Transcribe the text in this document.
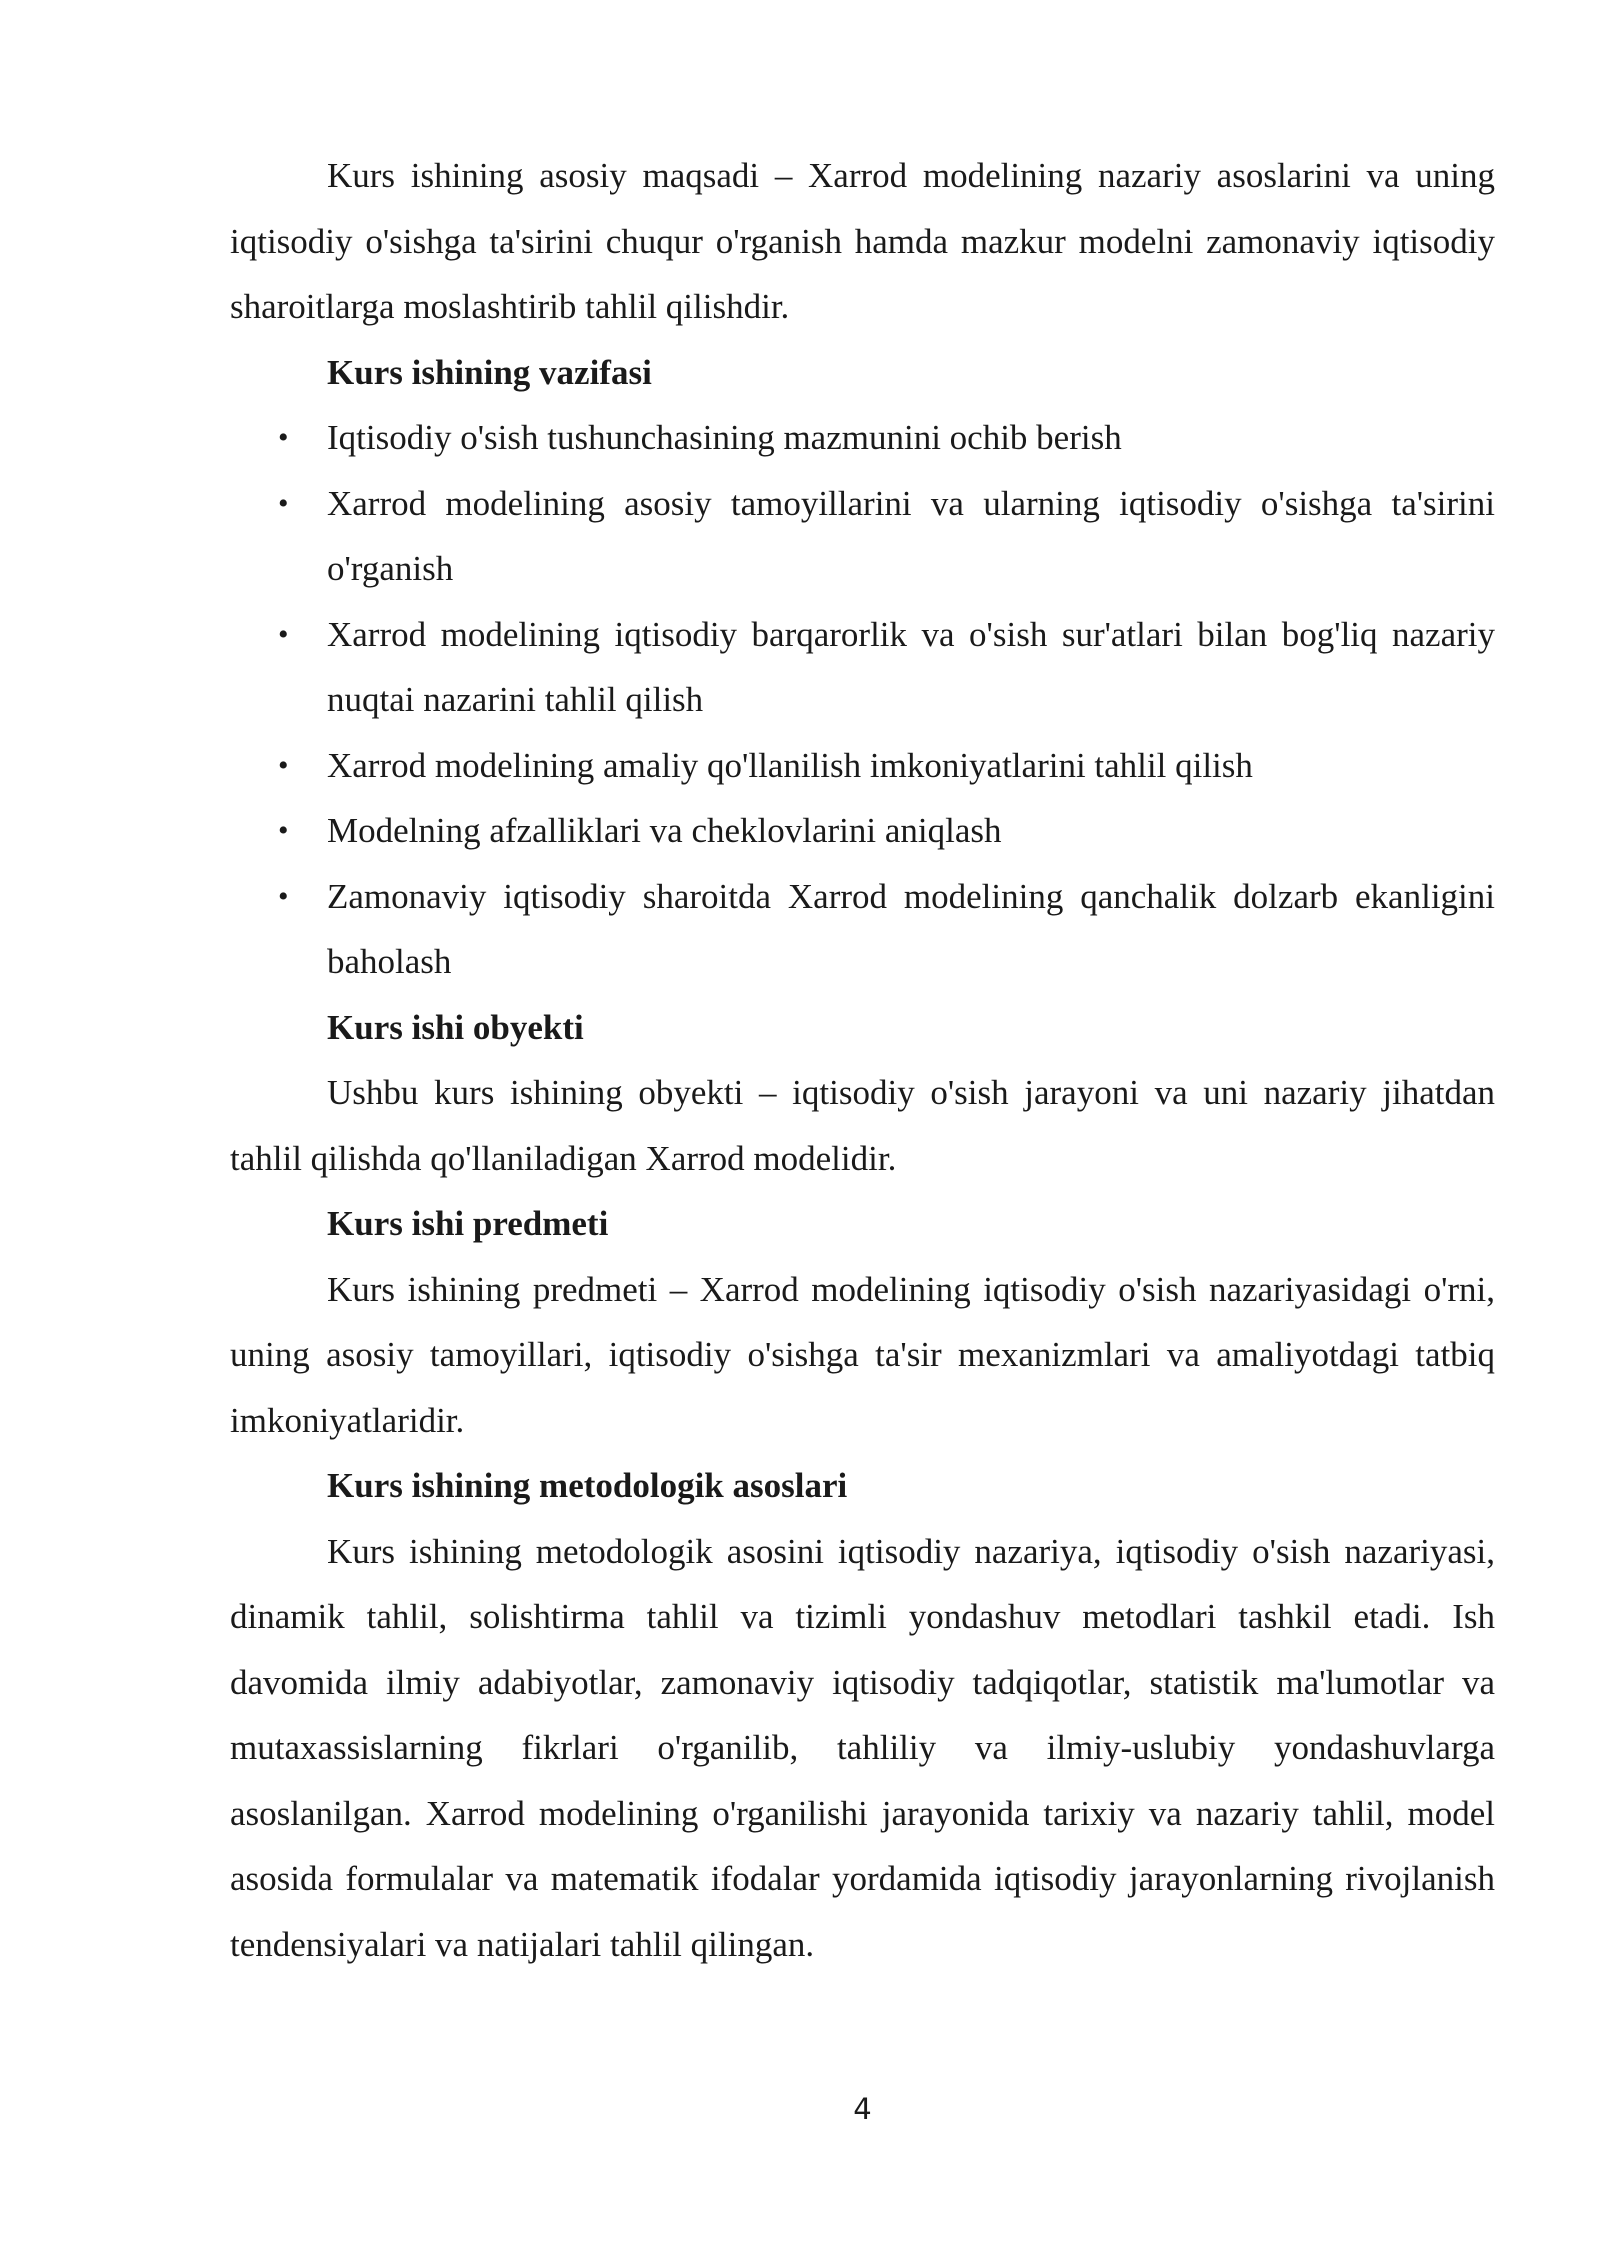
Kurs ishining asosiy maqsadi – Xarrod modelining nazariy asoslarini va uning iqtisodiy o'sishga ta'sirini chuqur o'rganish hamda mazkur modelni zamonaviy iqtisodiy sharoitlarga moslashtirib tahlil qilishdir.

Kurs ishining vazifasi

• Iqtisodiy o'sish tushunchasining mazmunini ochib berish
• Xarrod modelining asosiy tamoyillarini va ularning iqtisodiy o'sishga ta'sirini o'rganish
• Xarrod modelining iqtisodiy barqarorlik va o'sish sur'atlari bilan bog'liq nazariy nuqtai nazarini tahlil qilish
• Xarrod modelining amaliy qo'llanilish imkoniyatlarini tahlil qilish
• Modelning afzalliklari va cheklovlarini aniqlash
• Zamonaviy iqtisodiy sharoitda Xarrod modelining qanchalik dolzarb ekanligini baholash

Kurs ishi obyekti

Ushbu kurs ishining obyekti – iqtisodiy o'sish jarayoni va uni nazariy jihatdan tahlil qilishda qo'llaniladigan Xarrod modelidir.

Kurs ishi predmeti

Kurs ishining predmeti – Xarrod modelining iqtisodiy o'sish nazariyasidagi o'rni, uning asosiy tamoyillari, iqtisodiy o'sishga ta'sir mexanizmlari va amaliyotdagi tatbiq imkoniyatlaridir.

Kurs ishining metodologik asoslari

Kurs ishining metodologik asosini iqtisodiy nazariya, iqtisodiy o'sish nazariyasi, dinamik tahlil, solishtirma tahlil va tizimli yondashuv metodlari tashkil etadi. Ish davomida ilmiy adabiyotlar, zamonaviy iqtisodiy tadqiqotlar, statistik ma'lumotlar va mutaxassislarning fikrlari o'rganilib, tahliliy va ilmiy-uslubiy yondashuvlarga asoslanilgan. Xarrod modelining o'rganilishi jarayonida tarixiy va nazariy tahlil, model asosida formulalar va matematik ifodalar yordamida iqtisodiy jarayonlarning rivojlanish tendensiyalari va natijalari tahlil qilingan.

4
